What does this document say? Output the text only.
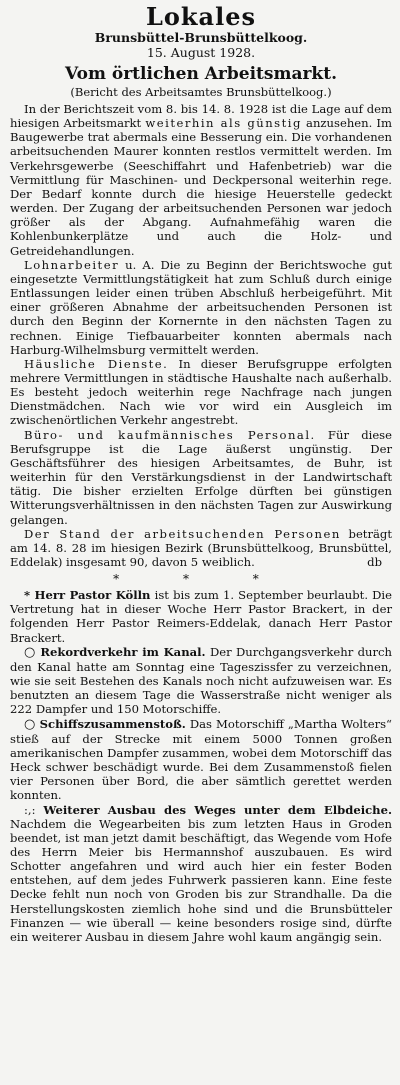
Lokales
Brunsbüttel-Brunsbüttelkoog.
15. August 1928.
Vom örtlichen Arbeitsmarkt.
(Bericht des Arbeitsamtes Brunsbüttelkoog.)

In der Berichtszeit vom 8. bis 14. 8. 1928 ist die Lage auf dem hiesigen Arbeitsmarkt weiterhin als günstig anzusehen. Im Baugewerbe trat abermals eine Besserung ein. Die vorhandenen arbeitsuchenden Maurer konnten restlos vermittelt werden. Im Verkehrsgewerbe (Seeschiffahrt und Hafenbetrieb) war die Vermittlung für Maschinen- und Deckpersonal weiterhin rege. Der Bedarf konnte durch die hiesige Heuerstelle gedeckt werden. Der Zugang der arbeitsuchenden Personen war jedoch größer als der Abgang. Aufnahmefähig waren die Kohlenbunkerplätze und auch die Holz- und Getreidehandlungen.

Lohnarbeiter u. A. Die zu Beginn der Berichtswoche gut eingesetzte Vermittlungstätigkeit hat zum Schluß durch einige Entlassungen leider einen trüben Abschluß herbeigeführt. Mit einer größeren Abnahme der arbeitsuchenden Personen ist durch den Beginn der Kornernte in den nächsten Tagen zu rechnen. Einige Tiefbauarbeiter konnten abermals nach Harburg-Wilhelmsburg vermittelt werden.

Häusliche Dienste. In dieser Berufsgruppe erfolgten mehrere Vermittlungen in städtische Haushalte nach außerhalb. Es besteht jedoch weiterhin rege Nachfrage nach jungen Dienstmädchen. Nach wie vor wird ein Ausgleich im zwischenörtlichen Verkehr angestrebt.

Büro- und kaufmännisches Personal. Für diese Berufsgruppe ist die Lage äußerst ungünstig. Der Geschäftsführer des hiesigen Arbeitsamtes, de Buhr, ist weiterhin für den Verstärkungsdienst in der Landwirtschaft tätig. Die bisher erzielten Erfolge dürften bei günstigen Witterungsverhältnissen in den nächsten Tagen zur Auswirkung gelangen.

Der Stand der arbeitsuchenden Personen beträgt am 14. 8. 28 im hiesigen Bezirk (Brunsbüttelkoog, Brunsbüttel, Eddelak) insgesamt 90, davon 5 weiblich.	db
* * *

* Herr Pastor Kölln ist bis zum 1. September beurlaubt. Die Vertretung hat in dieser Woche Herr Pastor Brackert, in der folgenden Herr Pastor Reimers-Eddelak, danach Herr Pastor Brackert.

○ Rekordverkehr im Kanal. Der Durchgangsverkehr durch den Kanal hatte am Sonntag eine Tageszissfer zu verzeichnen, wie sie seit Bestehen des Kanals noch nicht aufzuweisen war. Es benutzten an diesem Tage die Wasserstraße nicht weniger als 222 Dampfer und 150 Motorschiffe.

○ Schiffszusammenstoß. Das Motorschiff „Martha Wolters“ stieß auf der Strecke mit einem 5000 Tonnen großen amerikanischen Dampfer zusammen, wobei dem Motorschiff das Heck schwer beschädigt wurde. Bei dem Zusammenstoß fielen vier Personen über Bord, die aber sämtlich gerettet werden konnten.

:,: Weiterer Ausbau des Weges unter dem Elbdeiche. Nachdem die Wegearbeiten bis zum letzten Haus in Groden beendet, ist man jetzt damit beschäftigt, das Wegende vom Hofe des Herrn Meier bis Hermannshof auszubauen. Es wird Schotter angefahren und wird auch hier ein fester Boden entstehen, auf dem jedes Fuhrwerk passieren kann. Eine feste Decke fehlt nun noch von Groden bis zur Strandhalle. Da die Herstellungskosten ziemlich hohe sind und die Brunsbütteler Finanzen — wie überall — keine besonders rosige sind, dürfte ein weiterer Ausbau in diesem Jahre wohl kaum angängig sein.
